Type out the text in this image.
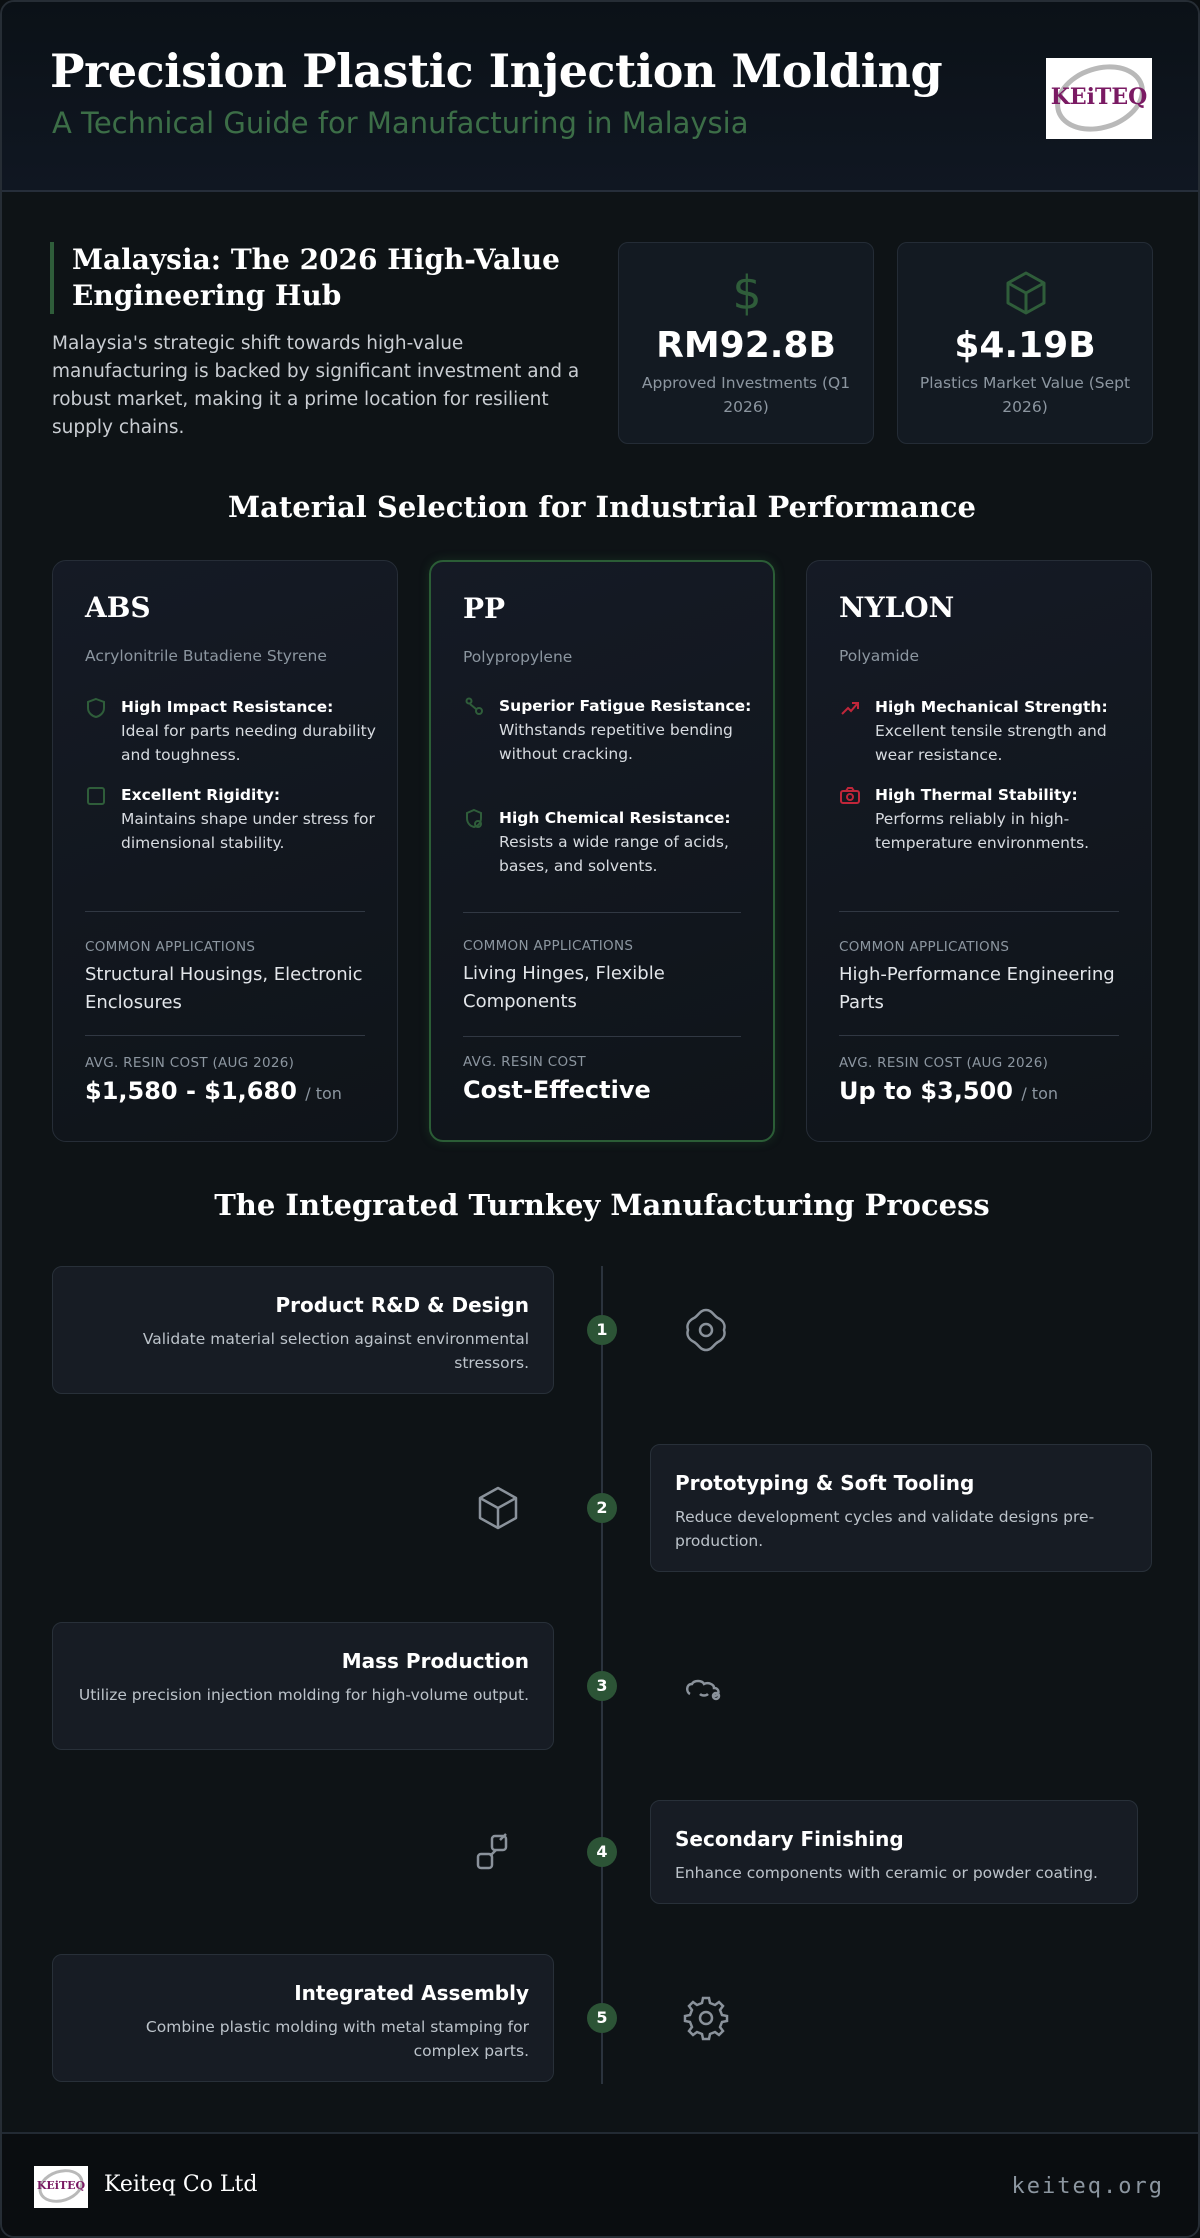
Precision Plastic Injection Molding
A Technical Guide for Manufacturing in Malaysia
KEiTEQ
Malaysia: The 2026 High-Value Engineering Hub
Malaysia's strategic shift towards high-value manufacturing is backed by significant investment and a robust market, making it a prime location for resilient supply chains.
$
RM92.8B
Approved Investments (Q1 2026)
$4.19B
Plastics Market Value (Sept 2026)
Material Selection for Industrial Performance
ABS
Acrylonitrile Butadiene Styrene
High Impact Resistance:
Ideal for parts needing durability and toughness.
Excellent Rigidity:
Maintains shape under stress for dimensional stability.
COMMON APPLICATIONS
Structural Housings, Electronic Enclosures
AVG. RESIN COST (AUG 2026)
$1,580 - $1,680 / ton
PP
Polypropylene
Superior Fatigue Resistance: Withstands repetitive bending without cracking.
High Chemical Resistance: Resists a wide range of acids, bases, and solvents.
COMMON APPLICATIONS
Living Hinges, Flexible Components
AVG. RESIN COST
Cost-Effective
NYLON
Polyamide
High Mechanical Strength: Excellent tensile strength and wear resistance.
High Thermal Stability: Performs reliably in high-temperature environments.
COMMON APPLICATIONS
High-Performance Engineering Parts
AVG. RESIN COST (AUG 2026)
Up to $3,500 / ton
The Integrated Turnkey Manufacturing Process
Product R&D & Design
Validate material selection against environmental stressors.
1
Prototyping & Soft Tooling
Reduce development cycles and validate designs pre-production.
2
Mass Production
Utilize precision injection molding for high-volume output.	3
Secondary Finishing
Enhance components with ceramic or powder coating.
4
Integrated Assembly
Combine plastic molding with metal stamping for complex parts.
5
KEiTEQ Keiteq Co Ltd	keiteq.org
